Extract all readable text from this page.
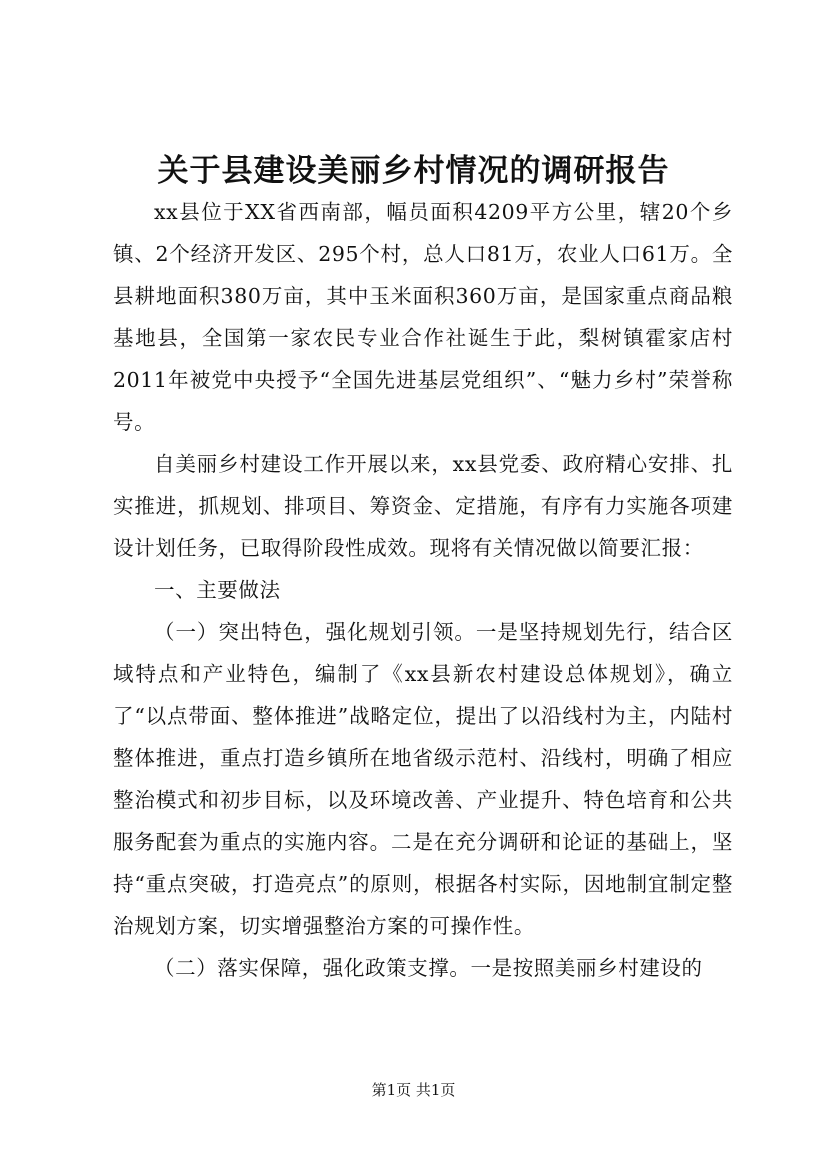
关于县建设美丽乡村情况的调研报告

xx县位于XX省西南部，幅员面积4209平方公里，辖20个乡镇、2个经济开发区、295个村，总人口81万，农业人口61万。全县耕地面积380万亩，其中玉米面积360万亩，是国家重点商品粮基地县，全国第一家农民专业合作社诞生于此，梨树镇霍家店村2011年被党中央授予“全国先进基层党组织”、“魅力乡村”荣誉称号。

自美丽乡村建设工作开展以来，xx县党委、政府精心安排、扎实推进，抓规划、排项目、筹资金、定措施，有序有力实施各项建设计划任务，已取得阶段性成效。现将有关情况做以简要汇报：

一、主要做法

（一）突出特色，强化规划引领。一是坚持规划先行，结合区域特点和产业特色，编制了《xx县新农村建设总体规划》，确立了“以点带面、整体推进”战略定位，提出了以沿线村为主，内陆村整体推进，重点打造乡镇所在地省级示范村、沿线村，明确了相应整治模式和初步目标，以及环境改善、产业提升、特色培育和公共服务配套为重点的实施内容。二是在充分调研和论证的基础上，坚持“重点突破，打造亮点”的原则，根据各村实际，因地制宜制定整治规划方案，切实增强整治方案的可操作性。

（二）落实保障，强化政策支撑。一是按照美丽乡村建设的

第1页 共1页
